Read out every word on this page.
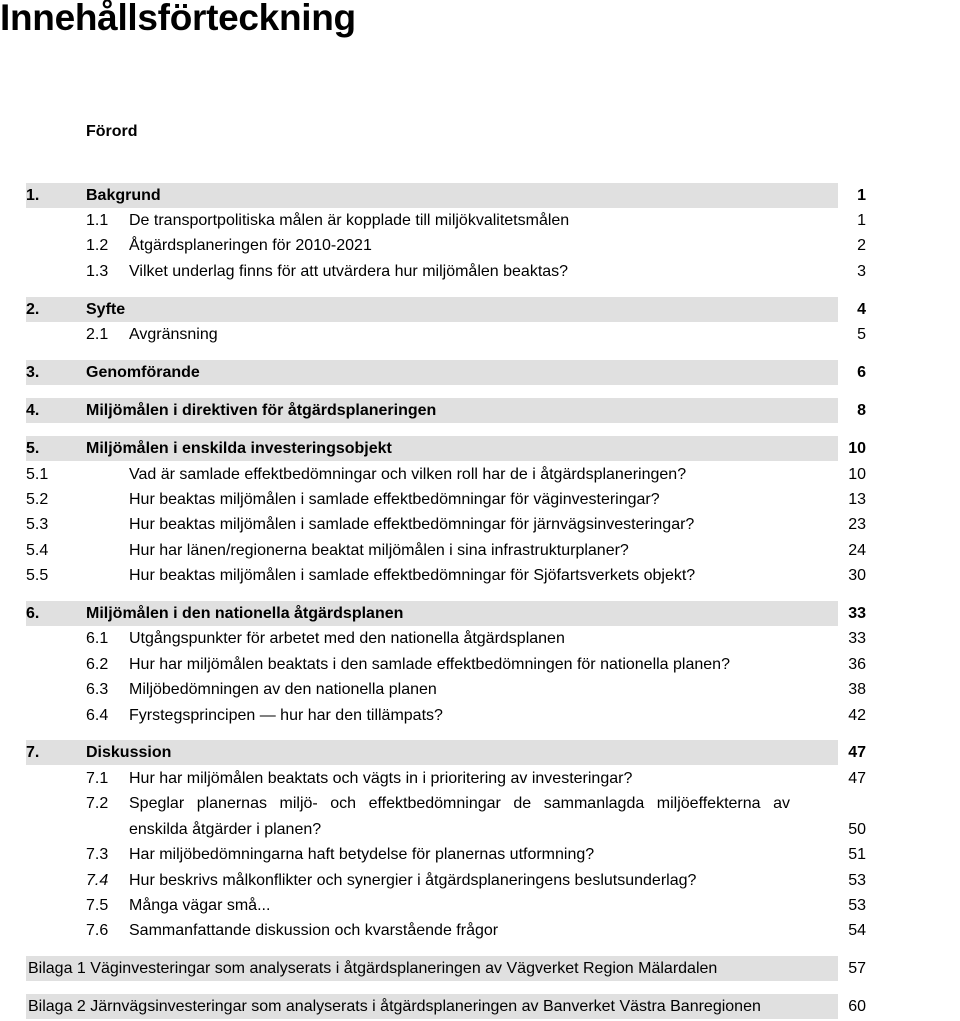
Innehållsförteckning
Förord
1.	Bakgrund	1
1.1 De transportpolitiska målen är kopplade till miljökvalitetsmålen	1
1.2 Åtgärdsplaneringen för 2010-2021	2
1.3 Vilket underlag finns för att utvärdera hur miljömålen beaktas?	3
2.	Syfte	4
2.1 Avgränsning	5
3.	Genomförande	6
4.	Miljömålen i direktiven för åtgärdsplaneringen	8
5.	Miljömålen i enskilda investeringsobjekt	10
5.1	Vad är samlade effektbedömningar och vilken roll har de i åtgärdsplaneringen?	10
5.2	Hur beaktas miljömålen i samlade effektbedömningar för väginvesteringar?	13
5.3	Hur beaktas miljömålen i samlade effektbedömningar för järnvägsinvesteringar?	23
5.4	Hur har länen/regionerna beaktat miljömålen i sina infrastrukturplaner?	24
5.5	Hur beaktas miljömålen i samlade effektbedömningar för Sjöfartsverkets objekt?	30
6.	Miljömålen i den nationella åtgärdsplanen	33
6.1 Utgångspunkter för arbetet med den nationella åtgärdsplanen	33
6.2 Hur har miljömålen beaktats i den samlade effektbedömningen för nationella planen?	36
6.3 Miljöbedömningen av den nationella planen	38
6.4 Fyrstegsprincipen — hur har den tillämpats?	42
7.	Diskussion	47
7.1 Hur har miljömålen beaktats och vägts in i prioritering av investeringar?	47
7.2 Speglar planernas miljö- och effektbedömningar de sammanlagda miljöeffekterna av
enskilda åtgärder i planen?	50
7.3 Har miljöbedömningarna haft betydelse för planernas utformning?	51
7.4 Hur beskrivs målkonflikter och synergier i åtgärdsplaneringens beslutsunderlag?	53
7.5 Många vägar små...	53
7.6 Sammanfattande diskussion och kvarstående frågor	54
Bilaga 1 Väginvesteringar som analyserats i åtgärdsplaneringen av Vägverket Region Mälardalen	57
Bilaga 2 Järnvägsinvesteringar som analyserats i åtgärdsplaneringen av Banverket Västra Banregionen	60
